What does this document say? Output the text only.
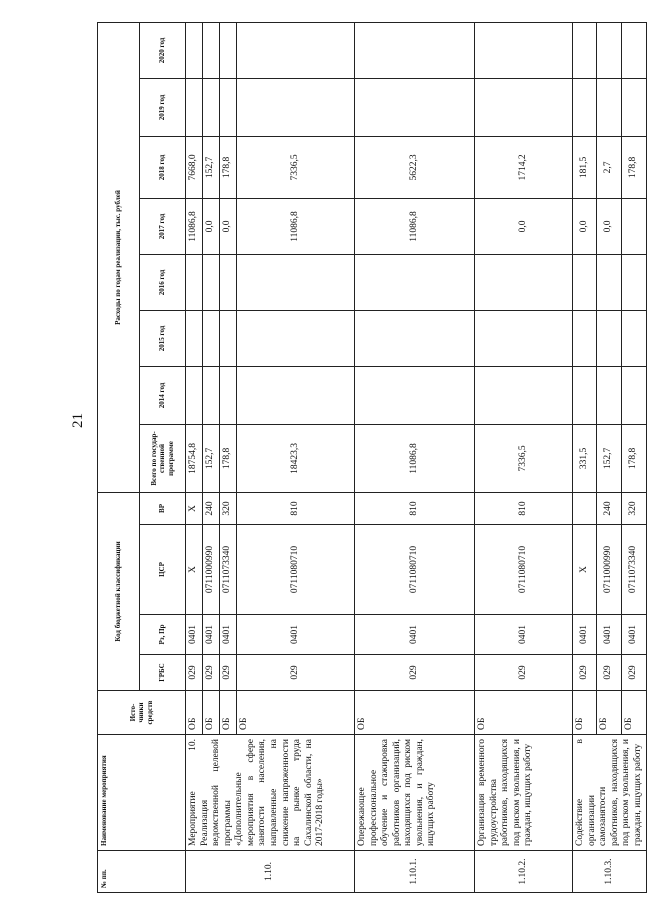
21
№ пп.	Наименование мероприятия	Исто-чники средств	Код бюджетной классификации				Расходы по годам реализации, тыс. рублей							
			ГРБС	Рз, Пр	ЦСР	ВР	Всего по государ-ственной программе	2014 год	2015 год	2016 год	2017 год	2018 год	2019 год	2020 год
1.10.	Мероприятие 10. Реализация ведомственной целевой программы «Дополнительные мероприятия в сфере занятости населения, направленные на снижение напряженности на рынке труда Сахалинской области, на 2017-2018 годы»	ОБ	029	0401	Х	Х	18754,8				11086,8	7668,0		
		ОБ	029	0401	0711000990	240	152,7				0,0	152,7		
		ОБ	029	0401	0711073340	320	178,8				0,0	178,8		
		ОБ	029	0401	0711080710	810	18423,3				11086,8	7336,5		
1.10.1.	Опережающее профессиональное обучение и стажировка работников организаций, находящихся под риском увольнения, и граждан, ищущих работу	ОБ	029	0401	0711080710	810	11086,8				11086,8	5622,3		
1.10.2.	Организация временного трудоустройства работников, находящихся под риском увольнения, и граждан, ищущих работу	ОБ	029	0401	0711080710	810	7336,5				0,0	1714,2		
1.10.3.	Содействие в организации самозанятости работников, находящихся под риском увольнения, и граждан, ищущих работу	ОБ	029	0401	Х		331,5				0,0	181,5		
		ОБ	029	0401	0711000990	240	152,7				0,0	2,7		
		ОБ	029	0401	0711073340	320	178,8					178,8		
